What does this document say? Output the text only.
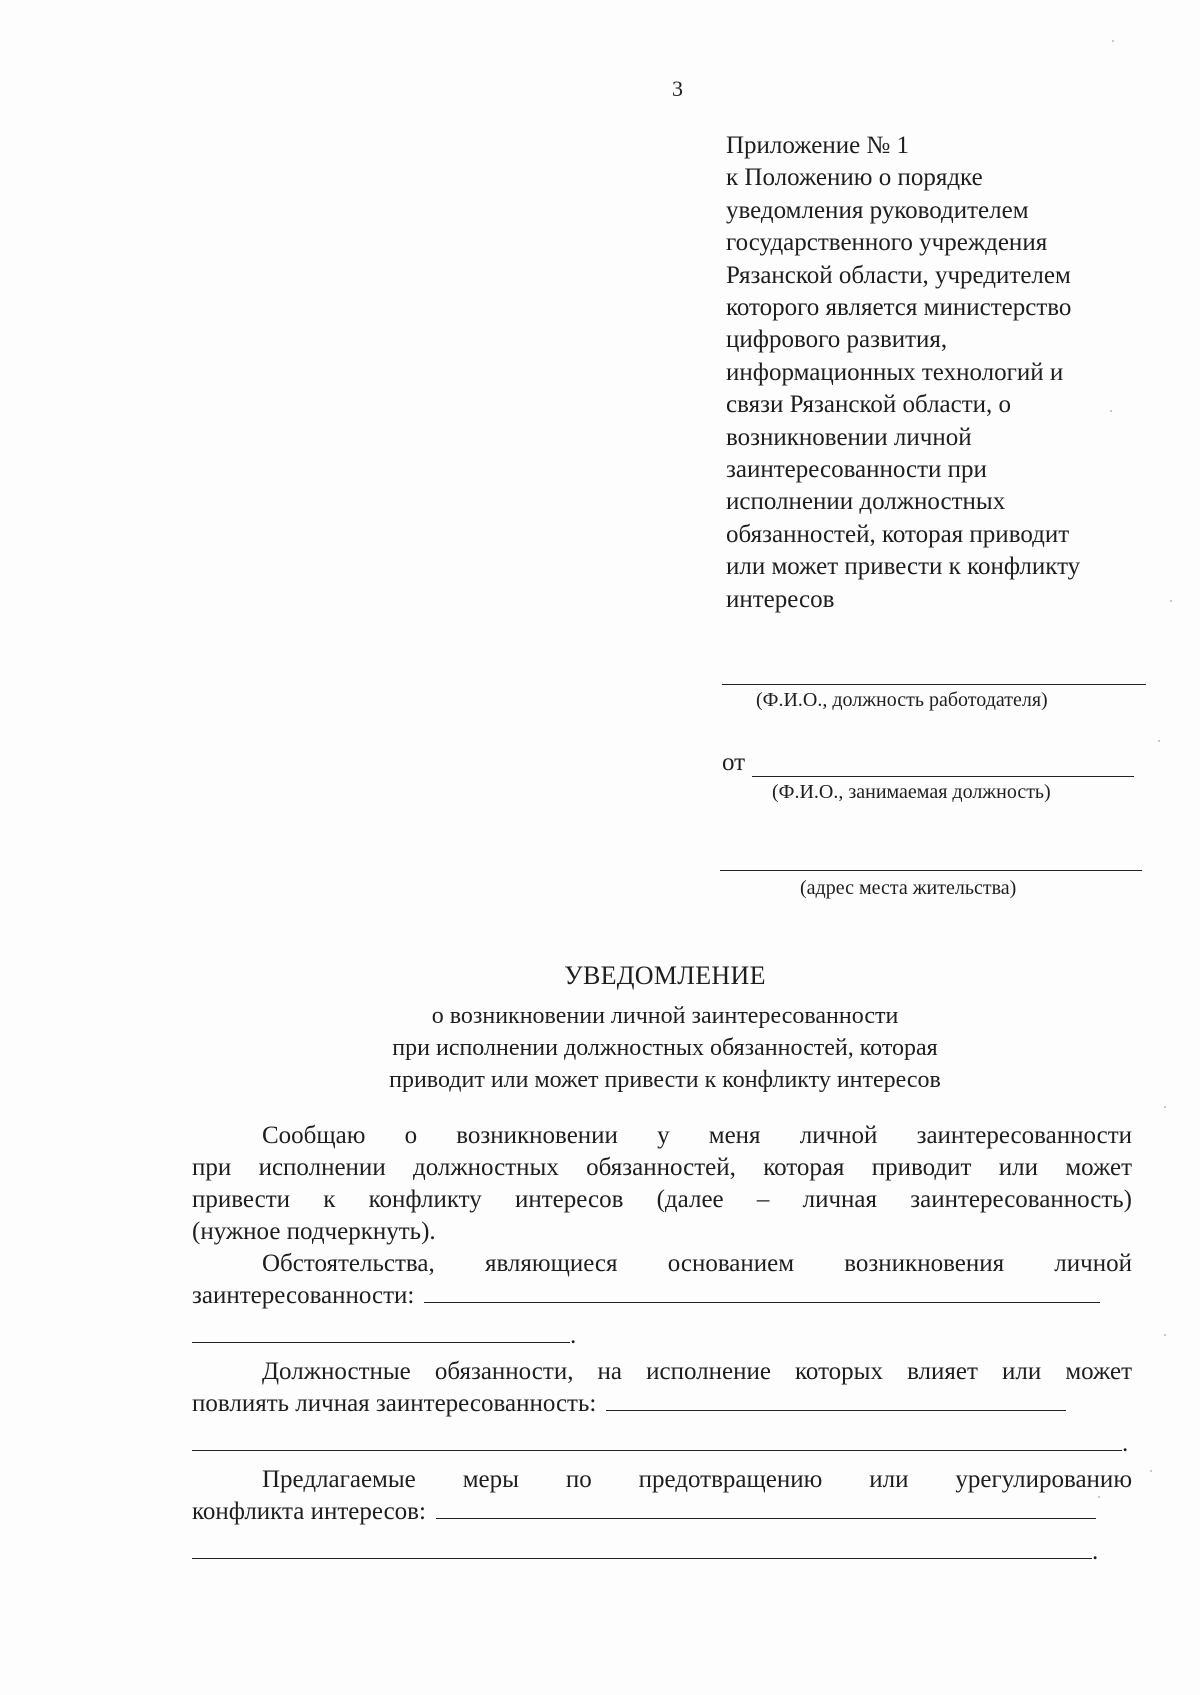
3
Приложение № 1
к Положению о порядке
уведомления руководителем
государственного учреждения
Рязанской области, учредителем
которого является министерство
цифрового развития,
информационных технологий и
связи Рязанской области, о
возникновении личной
заинтересованности при
исполнении должностных
обязанностей, которая приводит
или может привести к конфликту
интересов
(Ф.И.О., должность работодателя)
от
(Ф.И.О., занимаемая должность)
(адрес места жительства)
УВЕДОМЛЕНИЕ
о возникновении личной заинтересованности
при исполнении должностных обязанностей, которая
приводит или может привести к конфликту интересов
Сообщаю о возникновении у меня личной заинтересованности
при исполнении должностных обязанностей, которая приводит или может
привести к конфликту интересов (далее – личная заинтересованность)
(нужное подчеркнуть).
Обстоятельства, являющиеся основанием возникновения личной
заинтересованности:
.
Должностные обязанности, на исполнение которых влияет или может
повлиять личная заинтересованность:
.
Предлагаемые меры по предотвращению или урегулированию
конфликта интересов:
.
